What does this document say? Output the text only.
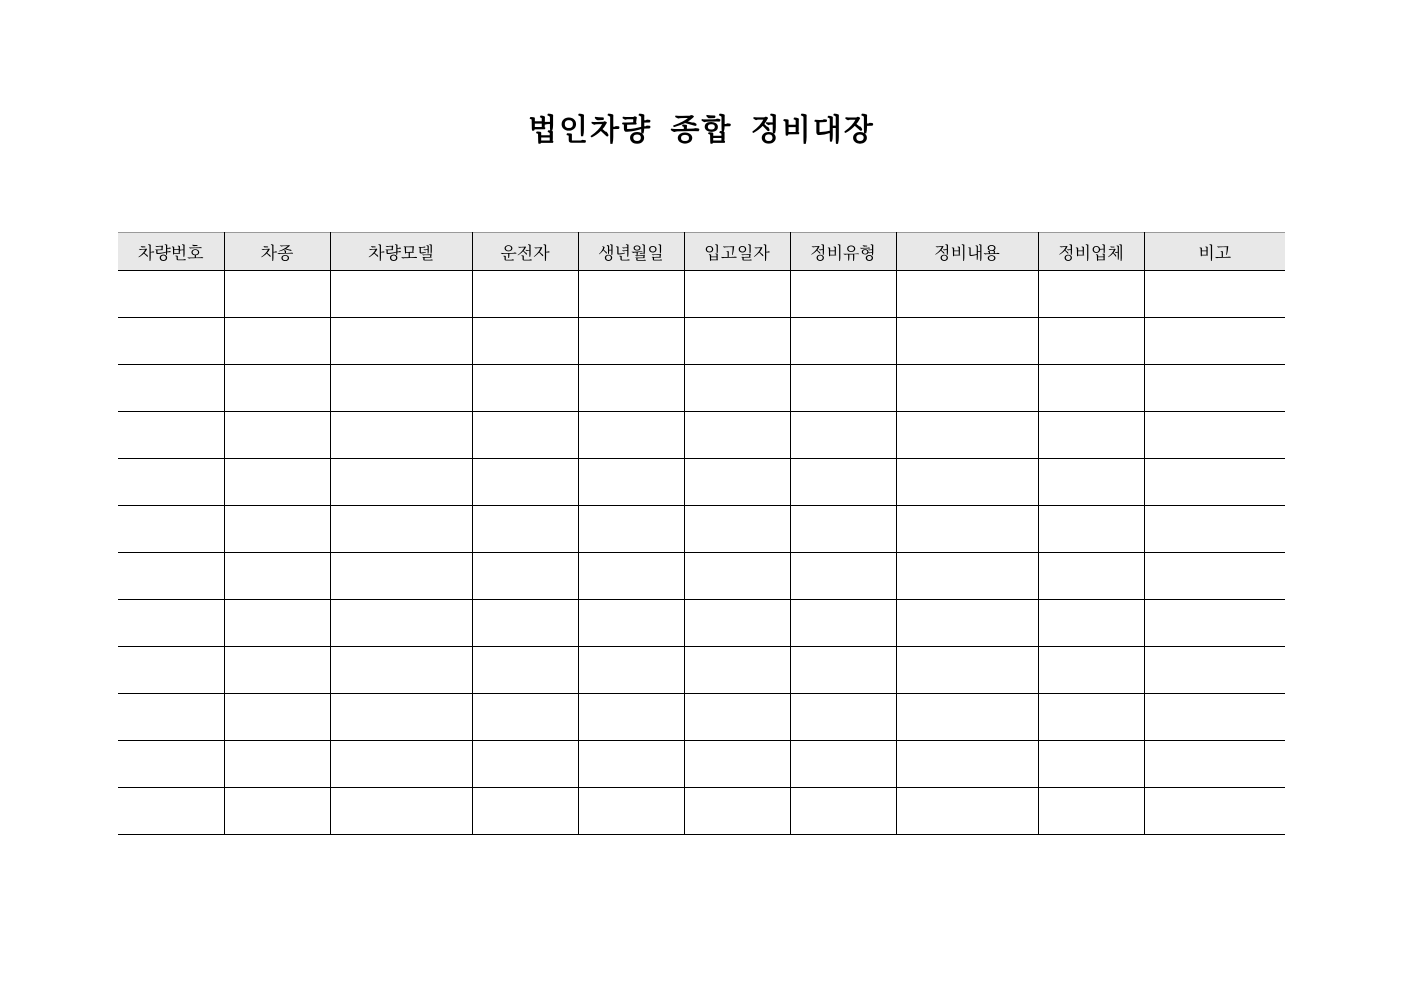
법인차량 종합 정비대장
차량번호	차종	차량모델	운전자	생년월일	입고일자	정비유형	정비내용	정비업체	비고
